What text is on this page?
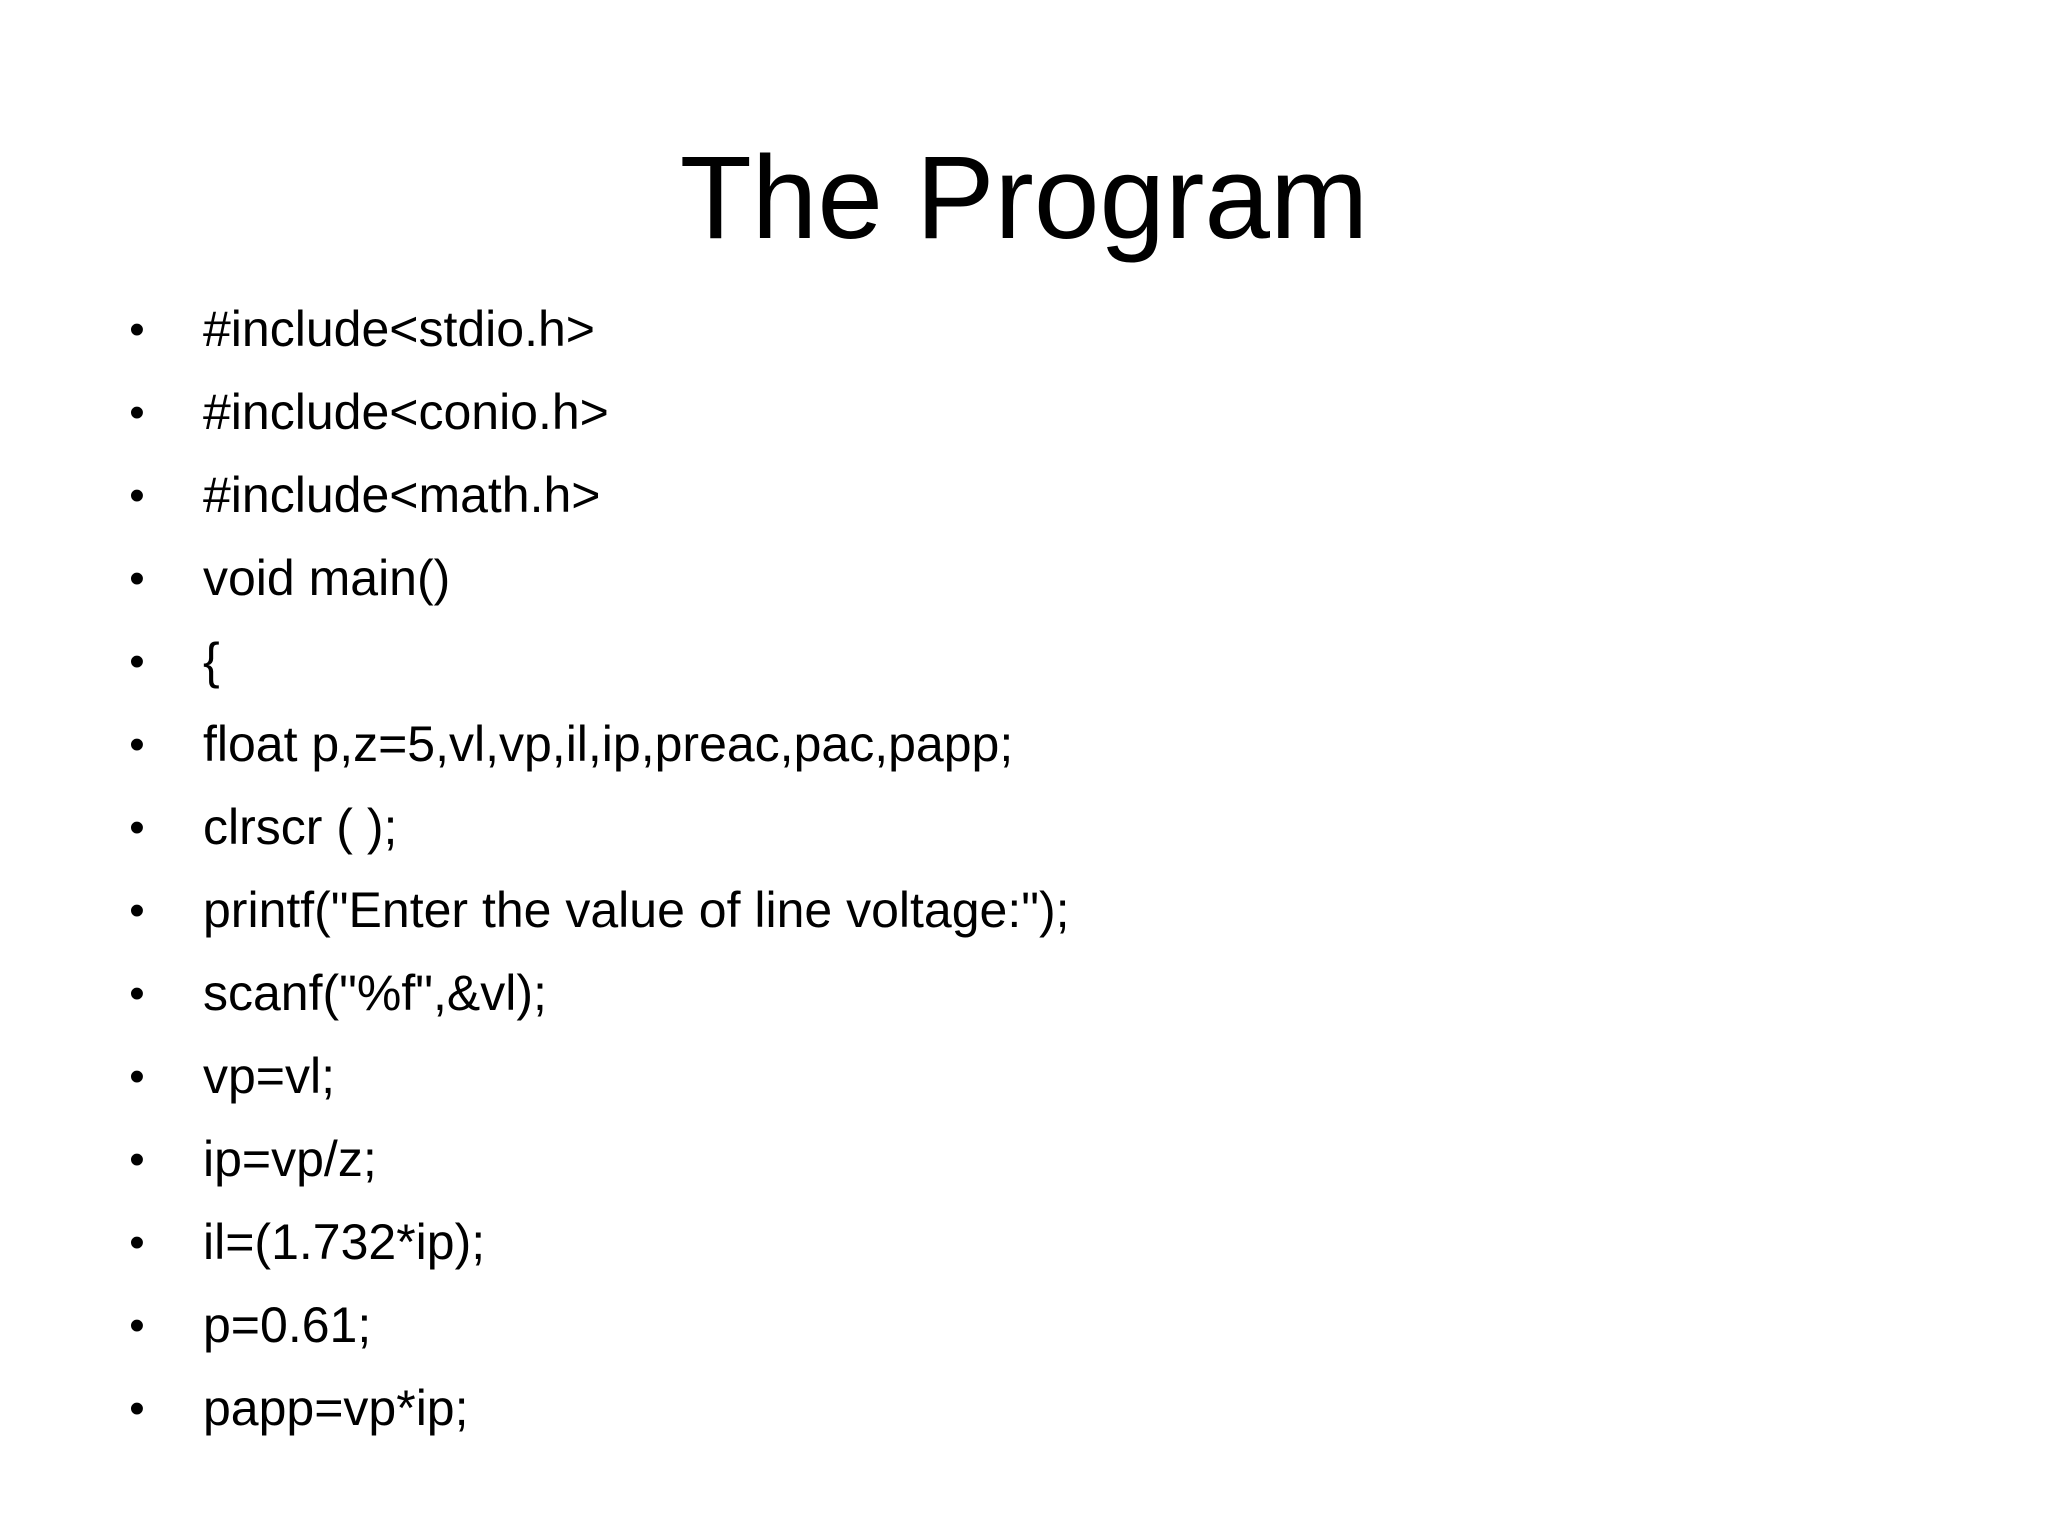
The Program
• #include<stdio.h>
• #include<conio.h>
• #include<math.h>
• void main()
• {
• float p,z=5,vl,vp,il,ip,preac,pac,papp;
• clrscr ( );
• printf("Enter the value of line voltage:");
• scanf("%f",&vl);
• vp=vl;
• ip=vp/z;
• il=(1.732*ip);
• p=0.61;
• papp=vp*ip;
